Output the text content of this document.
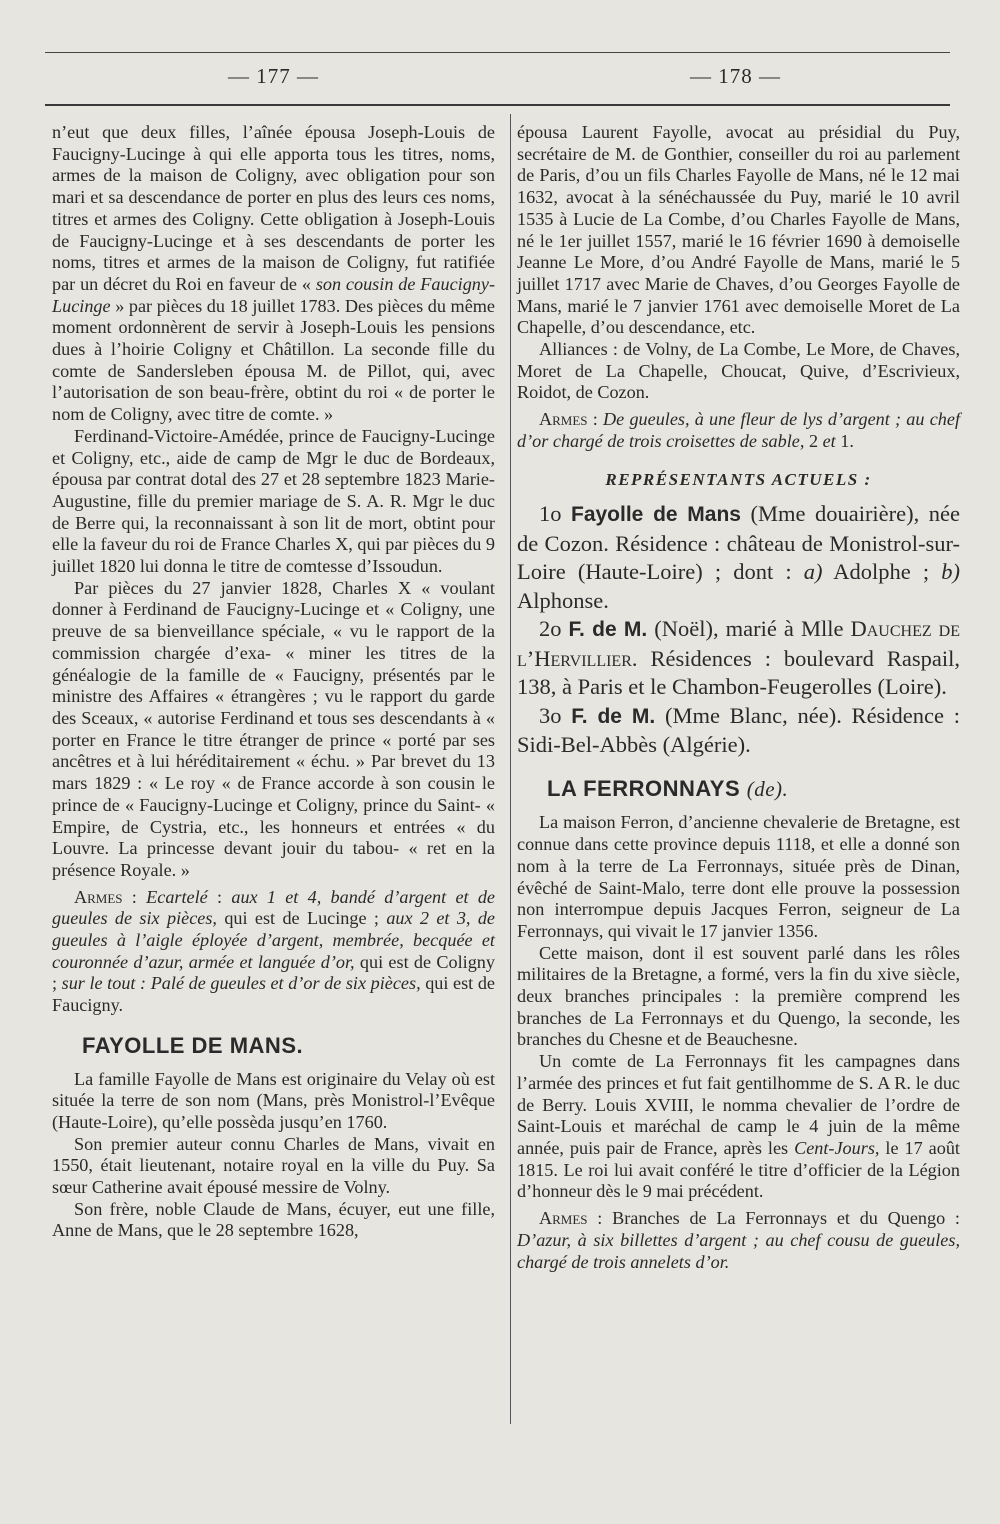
— 177 —	— 178 —

n’eut que deux filles, l’aînée épousa Joseph-Louis de Faucigny-Lucinge à qui elle apporta tous les titres, noms, armes de la maison de Coligny, avec obligation pour son mari et sa descendance de porter en plus des leurs ces noms, titres et armes des Coligny. Cette obligation à Joseph-Louis de Faucigny-Lucinge et à ses descendants de porter les noms, titres et armes de la maison de Coligny, fut ratifiée par un décret du Roi en faveur de « son cousin de Faucigny-Lucinge » par pièces du 18 juillet 1783. Des pièces du même moment ordonnèrent de servir à Joseph-Louis les pensions dues à l’hoirie Coligny et Châtillon. La seconde fille du comte de Sandersleben épousa M. de Pillot, qui, avec l’autorisation de son beau-frère, obtint du roi « de porter le nom de Coligny, avec titre de comte. »

Ferdinand-Victoire-Amédée, prince de Faucigny-Lucinge et Coligny, etc., aide de camp de Mgr le duc de Bordeaux, épousa par contrat dotal des 27 et 28 septembre 1823 Marie-Augustine, fille du premier mariage de S. A. R. Mgr le duc de Berre qui, la reconnaissant à son lit de mort, obtint pour elle la faveur du roi de France Charles X, qui par pièces du 9 juillet 1820 lui donna le titre de comtesse d’Issoudun.

Par pièces du 27 janvier 1828, Charles X « voulant donner à Ferdinand de Faucigny-Lucinge et « Coligny, une preuve de sa bienveillance spéciale, « vu le rapport de la commission chargée d’exa- « miner les titres de la généalogie de la famille de « Faucigny, présentés par le ministre des Affaires « étrangères ; vu le rapport du garde des Sceaux, « autorise Ferdinand et tous ses descendants à « porter en France le titre étranger de prince « porté par ses ancêtres et à lui héréditairement « échu. » Par brevet du 13 mars 1829 : « Le roy « de France accorde à son cousin le prince de « Faucigny-Lucinge et Coligny, prince du Saint- « Empire, de Cystria, etc., les honneurs et entrées « du Louvre. La princesse devant jouir du tabou- « ret en la présence Royale. »

Armes : Ecartelé : aux 1 et 4, bandé d’argent et de gueules de six pièces, qui est de Lucinge ; aux 2 et 3, de gueules à l’aigle éployée d’argent, membrée, becquée et couronnée d’azur, armée et languée d’or, qui est de Coligny ; sur le tout : Palé de gueules et d’or de six pièces, qui est de Faucigny.

FAYOLLE DE MANS.

La famille Fayolle de Mans est originaire du Velay où est située la terre de son nom (Mans, près Monistrol-l’Evêque (Haute-Loire), qu’elle possèda jusqu’en 1760.

Son premier auteur connu Charles de Mans, vivait en 1550, était lieutenant, notaire royal en la ville du Puy. Sa sœur Catherine avait épousé messire de Volny.

Son frère, noble Claude de Mans, écuyer, eut une fille, Anne de Mans, que le 28 septembre 1628,

épousa Laurent Fayolle, avocat au présidial du Puy, secrétaire de M. de Gonthier, conseiller du roi au parlement de Paris, d’ou un fils Charles Fayolle de Mans, né le 12 mai 1632, avocat à la sénéchaussée du Puy, marié le 10 avril 1535 à Lucie de La Combe, d’ou Charles Fayolle de Mans, né le 1er juillet 1557, marié le 16 février 1690 à demoiselle Jeanne Le More, d’ou André Fayolle de Mans, marié le 5 juillet 1717 avec Marie de Chaves, d’ou Georges Fayolle de Mans, marié le 7 janvier 1761 avec demoiselle Moret de La Chapelle, d’ou descendance, etc.

Alliances : de Volny, de La Combe, Le More, de Chaves, Moret de La Chapelle, Choucat, Quive, d’Escrivieux, Roidot, de Cozon.

Armes : De gueules, à une fleur de lys d’argent ; au chef d’or chargé de trois croisettes de sable, 2 et 1.

REPRÉSENTANTS ACTUELS :

1o Fayolle de Mans (Mme douairière), née de Cozon. Résidence : château de Monistrol-sur-Loire (Haute-Loire) ; dont : a) Adolphe ; b) Alphonse.

2o F. de M. (Noël), marié à Mlle Dauchez de l’Hervillier. Résidences : boulevard Raspail, 138, à Paris et le Chambon-Feugerolles (Loire).

3o F. de M. (Mme Blanc, née). Résidence : Sidi-Bel-Abbès (Algérie).

LA FERRONNAYS (de).

La maison Ferron, d’ancienne chevalerie de Bretagne, est connue dans cette province depuis 1118, et elle a donné son nom à la terre de La Ferronnays, située près de Dinan, évêché de Saint-Malo, terre dont elle prouve la possession non interrompue depuis Jacques Ferron, seigneur de La Ferronnays, qui vivait le 17 janvier 1356.

Cette maison, dont il est souvent parlé dans les rôles militaires de la Bretagne, a formé, vers la fin du xive siècle, deux branches principales : la première comprend les branches de La Ferronnays et du Quengo, la seconde, les branches du Chesne et de Beauchesne.

Un comte de La Ferronnays fit les campagnes dans l’armée des princes et fut fait gentilhomme de S. A R. le duc de Berry. Louis XVIII, le nomma chevalier de l’ordre de Saint-Louis et maréchal de camp le 4 juin de la même année, puis pair de France, après les Cent-Jours, le 17 août 1815. Le roi lui avait conféré le titre d’officier de la Légion d’honneur dès le 9 mai précédent.

Armes : Branches de La Ferronnays et du Quengo : D’azur, à six billettes d’argent ; au chef cousu de gueules, chargé de trois annelets d’or.
